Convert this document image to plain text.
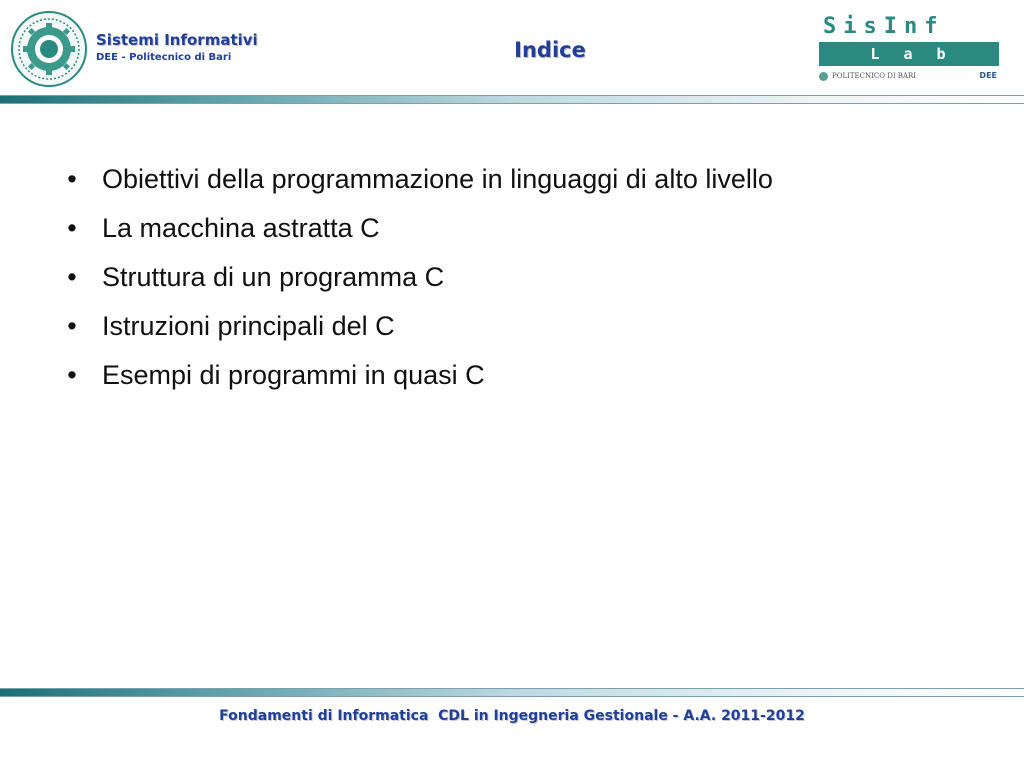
Sistemi Informativi
DEE - Politecnico di Bari	Indice
SisInf
Lab
POLITECNICO DI BARI	DEE
• Obiettivi della programmazione in linguaggi di alto livello
• La macchina astratta C
• Struttura di un programma C
• Istruzioni principali del C
• Esempi di programmi in quasi C
Fondamenti di Informatica  CDL in Ingegneria Gestionale - A.A. 2011-2012
